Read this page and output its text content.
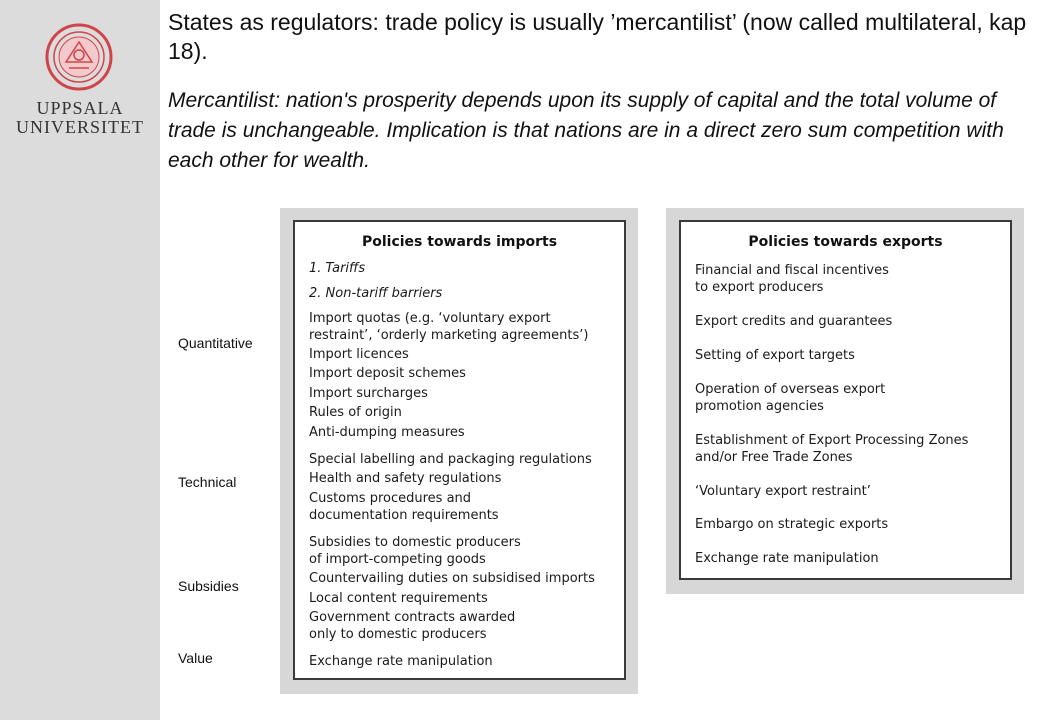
UPPSALA
UNIVERSITET

States as regulators: trade policy is usually ’mercantilist’ (now called multilateral, kap 18).

Mercantilist: nation's prosperity depends upon its supply of capital and the total volume of trade is unchangeable. Implication is that nations are in a direct zero sum competition with each other for wealth.

Quantitative
Technical
Subsidies
Value
Policies towards imports
1. Tariffs
2. Non-tariff barriers
Import quotas (e.g. ‘voluntary export
restraint’, ‘orderly marketing agreements’)
Import licences
Import deposit schemes
Import surcharges
Rules of origin
Anti-dumping measures
Special labelling and packaging regulations
Health and safety regulations
Customs procedures and
documentation requirements
Subsidies to domestic producers
of import-competing goods
Countervailing duties on subsidised imports
Local content requirements
Government contracts awarded
only to domestic producers
Exchange rate manipulation
Policies towards exports
Financial and fiscal incentives
to export producers
Export credits and guarantees
Setting of export targets
Operation of overseas export
promotion agencies
Establishment of Export Processing Zones
and/or Free Trade Zones
‘Voluntary export restraint’
Embargo on strategic exports
Exchange rate manipulation
